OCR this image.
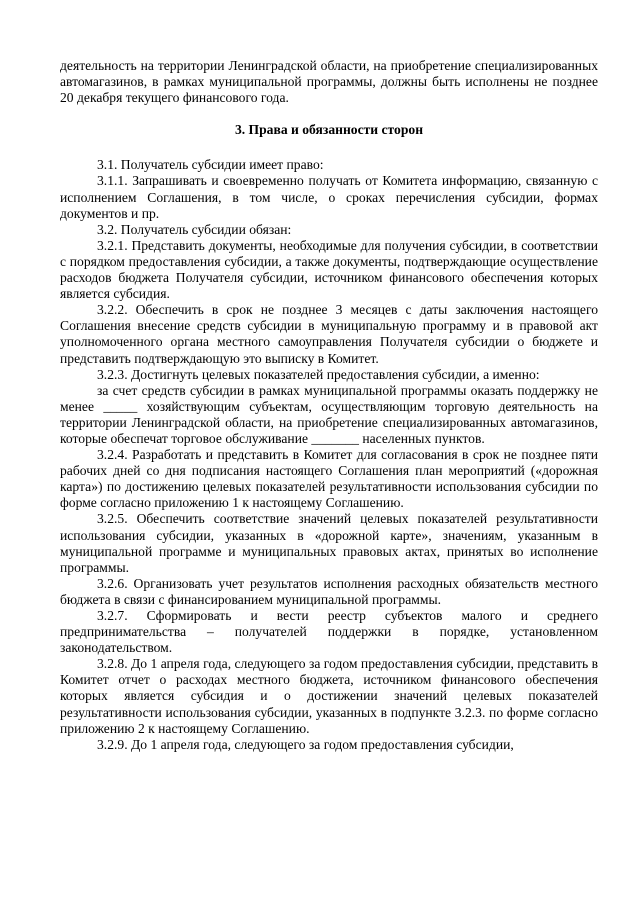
деятельность на территории Ленинградской области, на приобретение специализированных автомагазинов, в рамках муниципальной программы, должны быть исполнены не позднее 20 декабря текущего финансового года.

3. Права и обязанности сторон

3.1. Получатель субсидии имеет право:

3.1.1. Запрашивать и своевременно получать от Комитета информацию, связанную с исполнением Соглашения, в том числе, о сроках перечисления субсидии, формах документов и пр.

3.2. Получатель субсидии обязан:

3.2.1. Представить документы, необходимые для получения субсидии, в соответствии с порядком предоставления субсидии, а также документы, подтверждающие осуществление расходов бюджета Получателя субсидии, источником финансового обеспечения которых является субсидия.

3.2.2. Обеспечить в срок не позднее 3 месяцев с даты заключения настоящего Соглашения внесение средств субсидии в муниципальную программу и в правовой акт уполномоченного органа местного самоуправления Получателя субсидии о бюджете и представить подтверждающую это выписку в Комитет.

3.2.3. Достигнуть целевых показателей предоставления субсидии, а именно:

за счет средств субсидии в рамках муниципальной программы оказать поддержку не менее _____ хозяйствующим субъектам, осуществляющим торговую деятельность на территории Ленинградской области, на приобретение специализированных автомагазинов, которые обеспечат торговое обслуживание _______ населенных пунктов.

3.2.4. Разработать и представить в Комитет для согласования в срок не позднее пяти рабочих дней со дня подписания настоящего Соглашения план мероприятий («дорожная карта») по достижению целевых показателей результативности использования субсидии по форме согласно приложению 1 к настоящему Соглашению.

3.2.5. Обеспечить соответствие значений целевых показателей результативности использования субсидии, указанных в «дорожной карте», значениям, указанным в муниципальной программе и муниципальных правовых актах, принятых во исполнение программы.

3.2.6. Организовать учет результатов исполнения расходных обязательств местного бюджета в связи с финансированием муниципальной программы.

3.2.7. Сформировать и вести реестр субъектов малого и среднего предпринимательства – получателей поддержки в порядке, установленном законодательством.

3.2.8. До 1 апреля года, следующего за годом предоставления субсидии, представить в Комитет отчет о расходах местного бюджета, источником финансового обеспечения которых является субсидия и о достижении значений целевых показателей результативности использования субсидии, указанных в подпункте 3.2.3. по форме согласно приложению 2 к настоящему Соглашению.

3.2.9. До 1 апреля года, следующего за годом предоставления субсидии,
